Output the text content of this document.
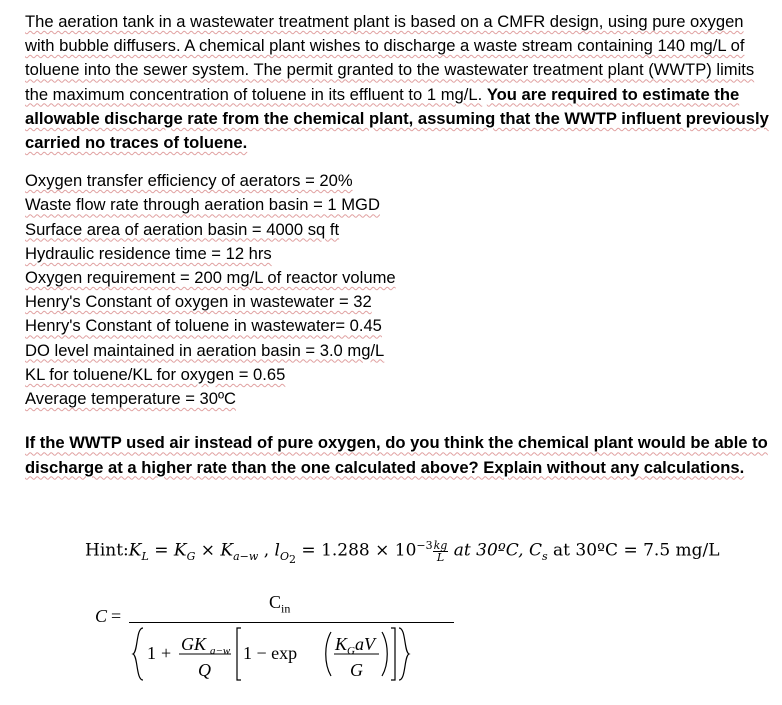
The aeration tank in a wastewater treatment plant is based on a CMFR design, using pure oxygen with bubble diffusers. A chemical plant wishes to discharge a waste stream containing 140 mg/L of toluene into the sewer system. The permit granted to the wastewater treatment plant (WWTP) limits the maximum concentration of toluene in its effluent to 1 mg/L. You are required to estimate the allowable discharge rate from the chemical plant, assuming that the WWTP influent previously carried no traces of toluene.

Oxygen transfer efficiency of aerators = 20%

Waste flow rate through aeration basin = 1 MGD

Surface area of aeration basin = 4000 sq ft

Hydraulic residence time = 12 hrs

Oxygen requirement = 200 mg/L of reactor volume

Henry's Constant of oxygen in wastewater = 32

Henry's Constant of toluene in wastewater= 0.45

DO level maintained in aeration basin = 3.0 mg/L

KL for toluene/KL for oxygen = 0.65

Average temperature = 30ºC

If the WWTP used air instead of pure oxygen, do you think the chemical plant would be able to discharge at a higher rate than the one calculated above? Explain without any calculations.

$Hint:K_L = K_G \times K_{a-w}$ , $l_{O_2} = 1.288 \times 10^{-3} \frac{kg}{L}$ at 30ºC, $C_s$ at 30ºC = 7.5 mg/L
C =
$C_{in}$
1 + GK a−w
Q
1 − exp K G aV
G
